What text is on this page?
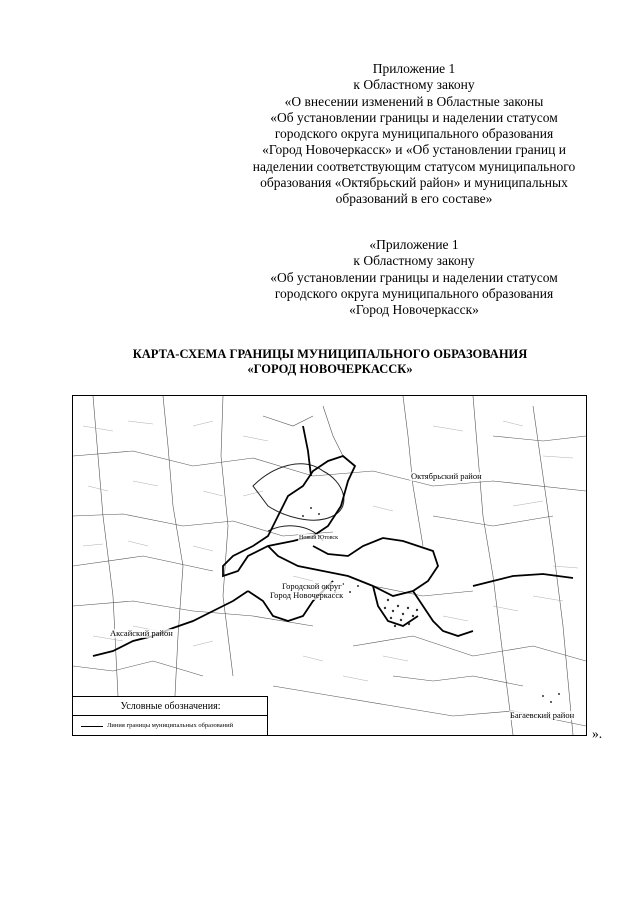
Приложение 1
к Областному закону
«О внесении изменений в Областные законы
«Об установлении границы и наделении статусом
городского округа муниципального образования
«Город Новочеркасск» и «Об установлении границ и
наделении соответствующим статусом муниципального
образования «Октябрьский район» и муниципальных
образований в его составе»
«Приложение 1
к Областному закону
«Об установлении границы и наделении статусом
городского округа муниципального образования
«Город Новочеркасск»
КАРТА-СХЕМА ГРАНИЦЫ МУНИЦИПАЛЬНОГО ОБРАЗОВАНИЯ
«ГОРОД НОВОЧЕРКАССК»
Октябрьский район
Городской округ
Город Новочеркасск
Аксайский район
Багаевский район
Новый Ютовск
Условные обозначения:
Линия границы муниципальных образований
».
